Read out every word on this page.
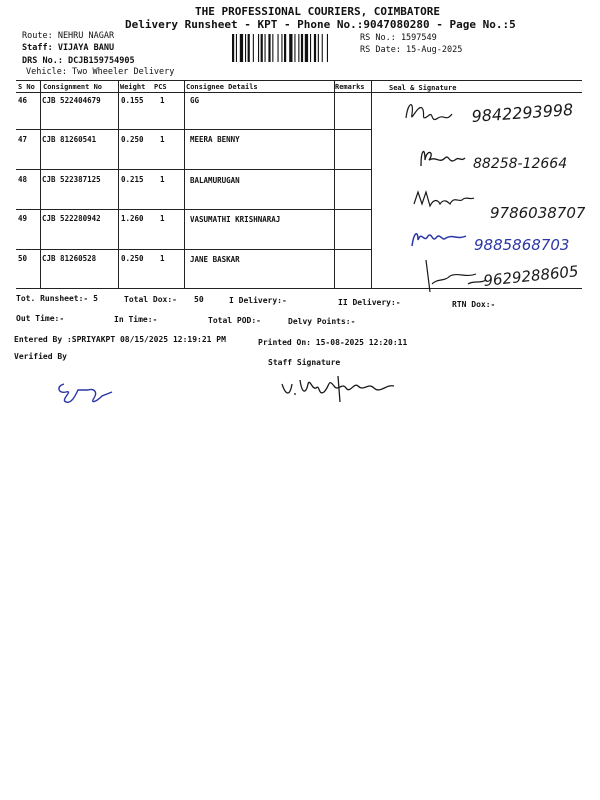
THE PROFESSIONAL COURIERS, COIMBATORE
Delivery Runsheet - KPT - Phone No.:9047080280 - Page No.:5
Route: NEHRU NAGAR
Staff: VIJAYA BANU
DRS No.: DCJB159754905
Vehicle: Two Wheeler Delivery
RS No.: 1597549
RS Date: 15-Aug-2025
S No Consignment No	Weight PCS	Consignee Details	Remarks	Seal & Signature
46 CJB 522404679	0.155 1	GG
47 CJB 81260541	0.250 1	MEERA BENNY
48 CJB 522387125	0.215 1	BALAMURUGAN
49 CJB 522280942	1.260 1	VASUMATHI KRISHNARAJ
50 CJB 81260528	0.250 1	JANE BASKAR
9842293998
88258-12664
9786038707
9885868703
9629288605
Tot. Runsheet:- 5	Total Dox:- 50	I Delivery:-	II Delivery:-	RTN Dox:-
Out Time:-	In Time:-	Total POD:-	Delvy Points:-
Entered By :SPRIYAKPT 08/15/2025 12:19:21 PM	Printed On: 15-08-2025 12:20:11
Verified By
Staff Signature
